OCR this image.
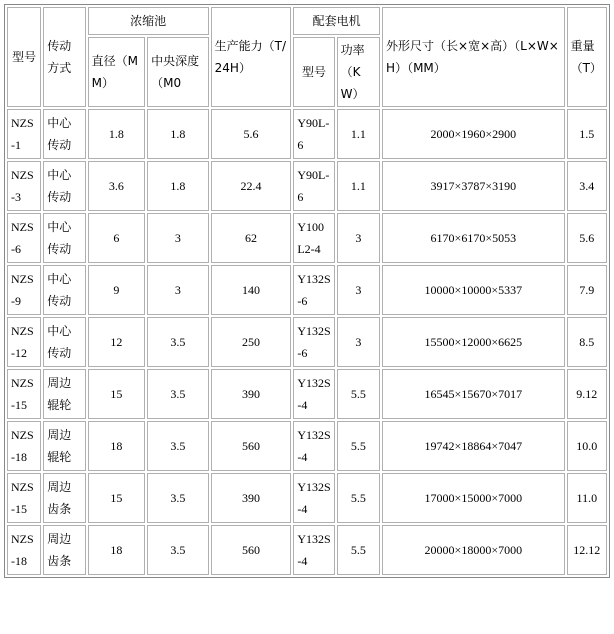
型号	传动方式	浓缩池		生产能力（T/24H）	配套电机		外形尺寸（长×宽×高）（L×W×H）（MM）	重量（T）
		直径（MM）	中央深度（M0		型号	功率（KW）		
NZS-1	中心传动	1.8	1.8	5.6	Y90L-6	1.1	2000×1960×2900	1.5
NZS-3	中心传动	3.6	1.8	22.4	Y90L-6	1.1	3917×3787×3190	3.4
NZS-6	中心传动	6	3	62	Y100L2-4	3	6170×6170×5053	5.6
NZS-9	中心传动	9	3	140	Y132S-6	3	10000×10000×5337	7.9
NZS-12	中心传动	12	3.5	250	Y132S-6	3	15500×12000×6625	8.5
NZS-15	周边辊轮	15	3.5	390	Y132S-4	5.5	16545×15670×7017	9.12
NZS-18	周边辊轮	18	3.5	560	Y132S-4	5.5	19742×18864×7047	10.0
NZS-15	周边齿条	15	3.5	390	Y132S-4	5.5	17000×15000×7000	11.0
NZS-18	周边齿条	18	3.5	560	Y132S-4	5.5	20000×18000×7000	12.12
